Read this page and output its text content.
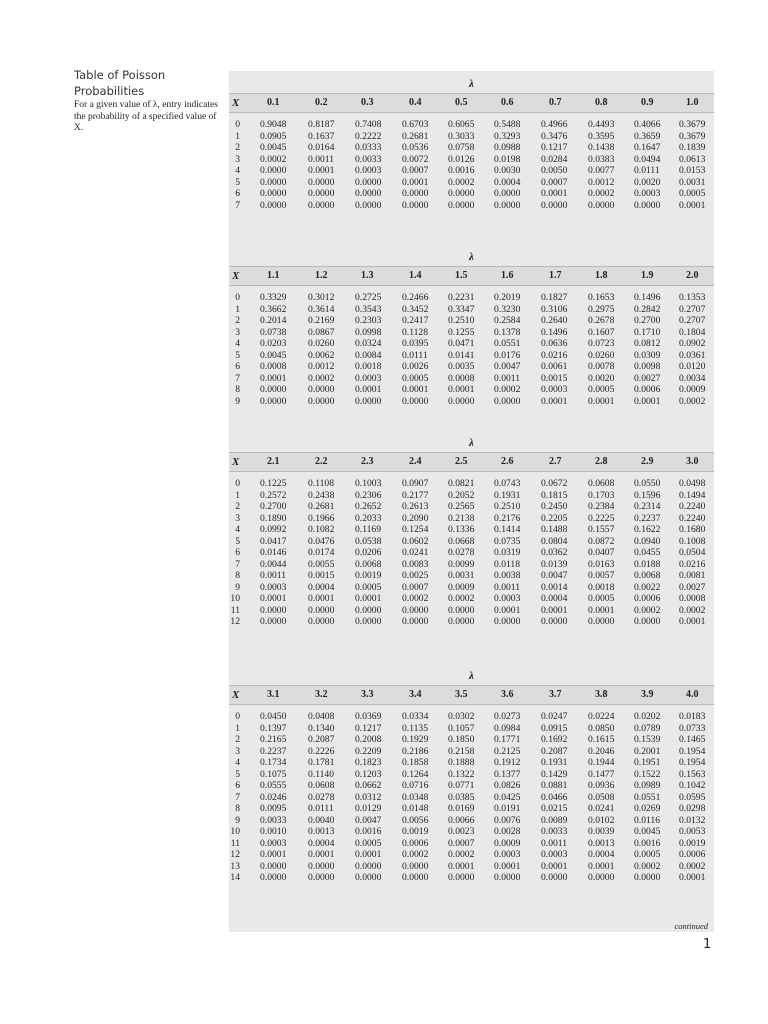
Table of Poisson Probabilities
For a given value of λ, entry indicates the probability of a specified value of X.
continued
λ
X	0.1	0.2	0.3	0.4	0.5	0.6	0.7	0.8	0.9	1.0
0 0.9048 0.8187 0.7408 0.6703 0.6065 0.5488 0.4966 0.4493 0.4066 0.3679
1 0.0905 0.1637 0.2222 0.2681 0.3033 0.3293 0.3476 0.3595 0.3659 0.3679
2 0.0045 0.0164 0.0333 0.0536 0.0758 0.0988 0.1217 0.1438 0.1647 0.1839
3 0.0002 0.0011 0.0033 0.0072 0.0126 0.0198 0.0284 0.0383 0.0494 0.0613
4 0.0000 0.0001 0.0003 0.0007 0.0016 0.0030 0.0050 0.0077 0.0111 0.0153
5 0.0000 0.0000 0.0000 0.0001 0.0002 0.0004 0.0007 0.0012 0.0020 0.0031
6 0.0000 0.0000 0.0000 0.0000 0.0000 0.0000 0.0001 0.0002 0.0003 0.0005
7 0.0000 0.0000 0.0000 0.0000 0.0000 0.0000 0.0000 0.0000 0.0000 0.0001
λ
X	1.1	1.2	1.3	1.4	1.5	1.6	1.7	1.8	1.9	2.0
0 0.3329 0.3012 0.2725 0.2466 0.2231 0.2019 0.1827 0.1653 0.1496 0.1353
1 0.3662 0.3614 0.3543 0.3452 0.3347 0.3230 0.3106 0.2975 0.2842 0.2707
2 0.2014 0.2169 0.2303 0.2417 0.2510 0.2584 0.2640 0.2678 0.2700 0.2707
3 0.0738 0.0867 0.0998 0.1128 0.1255 0.1378 0.1496 0.1607 0.1710 0.1804
4 0.0203 0.0260 0.0324 0.0395 0.0471 0.0551 0.0636 0.0723 0.0812 0.0902
5 0.0045 0.0062 0.0084 0.0111 0.0141 0.0176 0.0216 0.0260 0.0309 0.0361
6 0.0008 0.0012 0.0018 0.0026 0.0035 0.0047 0.0061 0.0078 0.0098 0.0120
7 0.0001 0.0002 0.0003 0.0005 0.0008 0.0011 0.0015 0.0020 0.0027 0.0034
8 0.0000 0.0000 0.0001 0.0001 0.0001 0.0002 0.0003 0.0005 0.0006 0.0009
9 0.0000 0.0000 0.0000 0.0000 0.0000 0.0000 0.0001 0.0001 0.0001 0.0002
λ
X	2.1	2.2	2.3	2.4	2.5	2.6	2.7	2.8	2.9	3.0
0 0.1225 0.1108 0.1003 0.0907 0.0821 0.0743 0.0672 0.0608 0.0550 0.0498
1 0.2572 0.2438 0.2306 0.2177 0.2052 0.1931 0.1815 0.1703 0.1596 0.1494
2 0.2700 0.2681 0.2652 0.2613 0.2565 0.2510 0.2450 0.2384 0.2314 0.2240
3 0.1890 0.1966 0.2033 0.2090 0.2138 0.2176 0.2205 0.2225 0.2237 0.2240
4 0.0992 0.1082 0.1169 0.1254 0.1336 0.1414 0.1488 0.1557 0.1622 0.1680
5 0.0417 0.0476 0.0538 0.0602 0.0668 0.0735 0.0804 0.0872 0.0940 0.1008
6 0.0146 0.0174 0.0206 0.0241 0.0278 0.0319 0.0362 0.0407 0.0455 0.0504
7 0.0044 0.0055 0.0068 0.0083 0.0099 0.0118 0.0139 0.0163 0.0188 0.0216
8 0.0011 0.0015 0.0019 0.0025 0.0031 0.0038 0.0047 0.0057 0.0068 0.0081
9 0.0003 0.0004 0.0005 0.0007 0.0009 0.0011 0.0014 0.0018 0.0022 0.0027
10 0.0001 0.0001 0.0001 0.0002 0.0002 0.0003 0.0004 0.0005 0.0006 0.0008
11 0.0000 0.0000 0.0000 0.0000 0.0000 0.0001 0.0001 0.0001 0.0002 0.0002
12 0.0000 0.0000 0.0000 0.0000 0.0000 0.0000 0.0000 0.0000 0.0000 0.0001
λ
X	3.1	3.2	3.3	3.4	3.5	3.6	3.7	3.8	3.9	4.0
0 0.0450 0.0408 0.0369 0.0334 0.0302 0.0273 0.0247 0.0224 0.0202 0.0183
1 0.1397 0.1340 0.1217 0.1135 0.1057 0.0984 0.0915 0.0850 0.0789 0.0733
2 0.2165 0.2087 0.2008 0.1929 0.1850 0.1771 0.1692 0.1615 0.1539 0.1465
3 0.2237 0.2226 0.2209 0.2186 0.2158 0.2125 0.2087 0.2046 0.2001 0.1954
4 0.1734 0.1781 0.1823 0.1858 0.1888 0.1912 0.1931 0.1944 0.1951 0.1954
5 0.1075 0.1140 0.1203 0.1264 0.1322 0.1377 0.1429 0.1477 0.1522 0.1563
6 0.0555 0.0608 0.0662 0.0716 0.0771 0.0826 0.0881 0.0936 0.0989 0.1042
7 0.0246 0.0278 0.0312 0.0348 0.0385 0.0425 0.0466 0.0508 0.0551 0.0595
8 0.0095 0.0111 0.0129 0.0148 0.0169 0.0191 0.0215 0.0241 0.0269 0.0298
9 0.0033 0.0040 0.0047 0.0056 0.0066 0.0076 0.0089 0.0102 0.0116 0.0132
10 0.0010 0.0013 0.0016 0.0019 0.0023 0.0028 0.0033 0.0039 0.0045 0.0053
11 0.0003 0.0004 0.0005 0.0006 0.0007 0.0009 0.0011 0.0013 0.0016 0.0019
12 0.0001 0.0001 0.0001 0.0002 0.0002 0.0003 0.0003 0.0004 0.0005 0.0006
13 0.0000 0.0000 0.0000 0.0000 0.0001 0.0001 0.0001 0.0001 0.0002 0.0002
14 0.0000 0.0000 0.0000 0.0000 0.0000 0.0000 0.0000 0.0000 0.0000 0.0001
1
